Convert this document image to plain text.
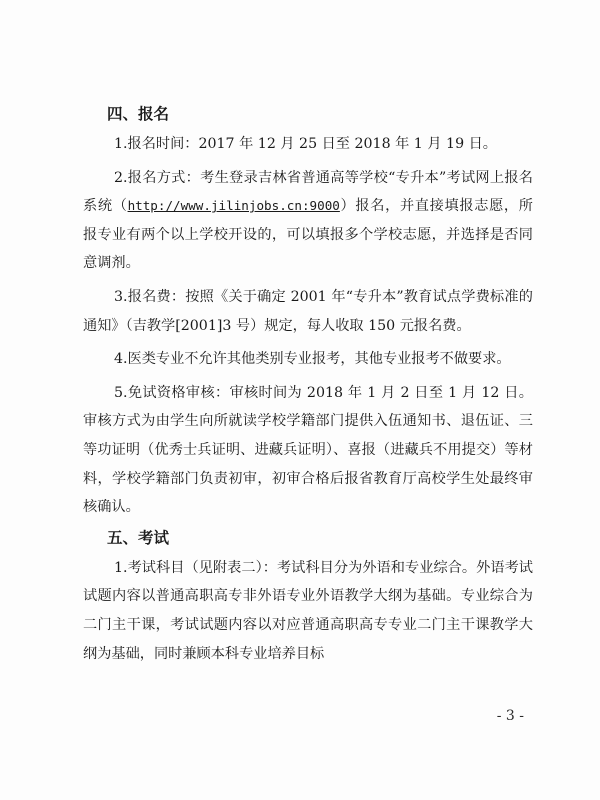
四、报名

1.报名时间：2017 年 12 月 25 日至 2018 年 1 月 19 日。

2.报名方式：考生登录吉林省普通高等学校“专升本”考试网上报名系统（http://www.jilinjobs.cn:9000）报名，并直接填报志愿，所报专业有两个以上学校开设的，可以填报多个学校志愿，并选择是否同意调剂。

3.报名费：按照《关于确定 2001 年“专升本”教育试点学费标准的通知》（吉教学[2001]3 号）规定，每人收取 150 元报名费。

4.医类专业不允许其他类别专业报考，其他专业报考不做要求。

5.免试资格审核：审核时间为 2018 年 1 月 2 日至 1 月 12 日。审核方式为由学生向所就读学校学籍部门提供入伍通知书、退伍证、三等功证明（优秀士兵证明、进藏兵证明）、喜报（进藏兵不用提交）等材料，学校学籍部门负责初审，初审合格后报省教育厅高校学生处最终审核确认。

五、考试

1.考试科目（见附表二）：考试科目分为外语和专业综合。外语考试试题内容以普通高职高专非外语专业外语教学大纲为基础。专业综合为二门主干课，考试试题内容以对应普通高职高专专业二门主干课教学大纲为基础，同时兼顾本科专业培养目标

- 3 -
